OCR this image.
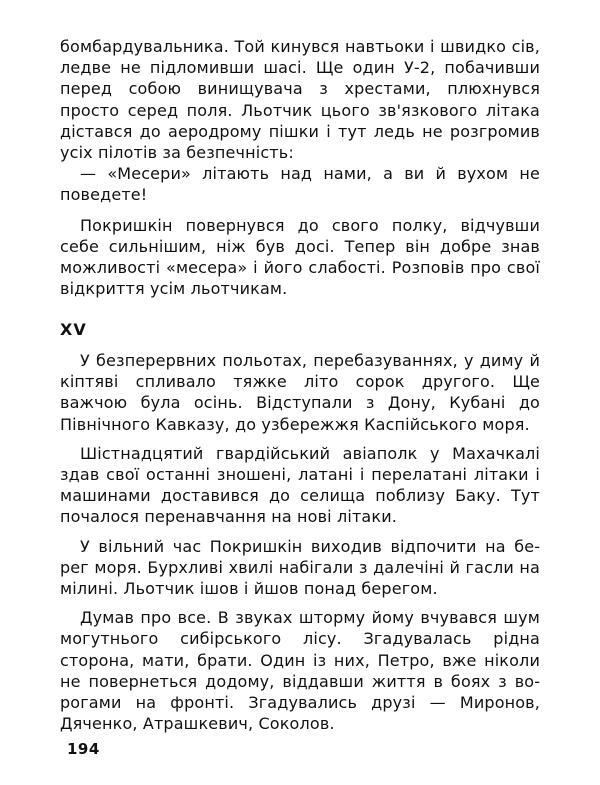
бомбардувальника. Той кинувся навтьоки і швидко сів, ледве не підломивши шасі. Ще один У-2, побачивши перед собою винищувача з хрестами, плюхнувся просто серед поля. Льотчик цього зв'язкового літака дістався до аеродрому пішки і тут ледь не розгромив усіх пілотів за безпечність:

— «Месери» літають над нами, а ви й вухом не поведете!

Покришкін повернувся до свого полку, відчувши себе сильнішим, ніж був досі. Тепер він добре знав можливості «месера» і його слабості. Розповів про свої відкриття усім льотчикам.

XV

У безперервних польотах, перебазуваннях, у диму й кіптяві спливало тяжке літо сорок другого. Ще важчою була осінь. Відступали з Дону, Кубані до Північного Кавказу, до узбережжя Каспійського моря.

Шістнадцятий гвардійський авіаполк у Махачкалі здав свої останні зношені, латані і перелатані літаки і машинами доставився до селища поблизу Баку. Тут почалося перенавчання на нові літаки.

У вільний час Покришкін виходив відпочити на берег моря. Бурхливі хвилі набігали з далечіні й гасли на мілині. Льотчик ішов і йшов понад берегом.

Думав про все. В звуках шторму йому вчувався шум могутнього сибірського лісу. Згадувалась рідна сторона, мати, брати. Один із них, Петро, вже ніколи не повернеться додому, віддавши життя в боях з ворогами на фронті. Згадувались друзі — Миронов, Дяченко, Атрашкевич, Соколов.

194
